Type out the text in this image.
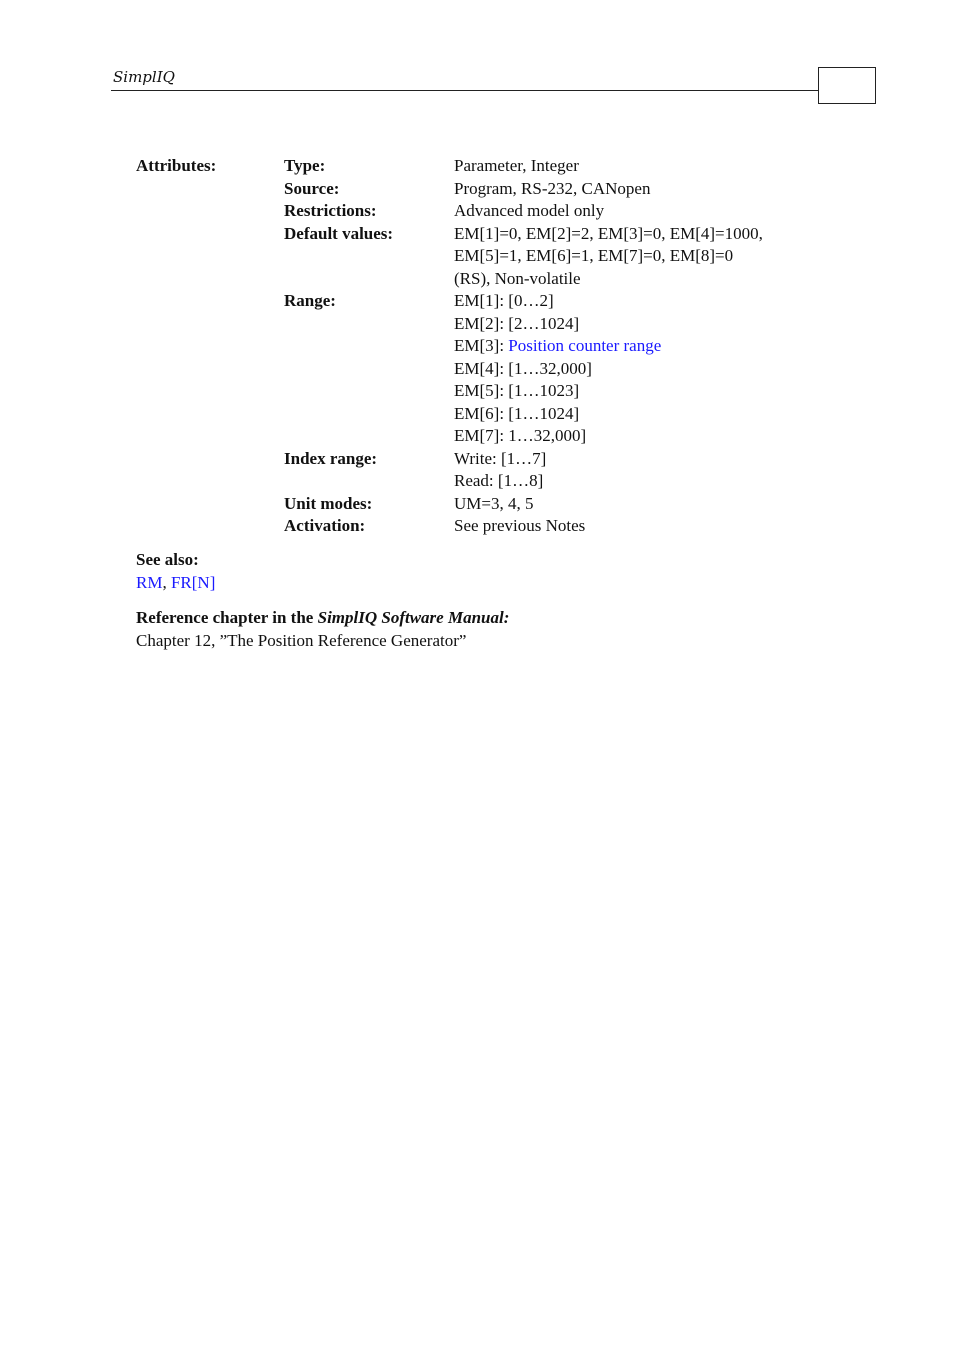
SimplIQ
Attributes:	Type:	Parameter, Integer
Source:	Program, RS-232, CANopen
Restrictions:	Advanced model only
Default values:	EM[1]=0, EM[2]=2, EM[3]=0, EM[4]=1000,
EM[5]=1, EM[6]=1, EM[7]=0, EM[8]=0
(RS), Non-volatile
Range:	EM[1]: [0…2]
EM[2]: [2…1024]
EM[3]: Position counter range
EM[4]: [1…32,000]
EM[5]: [1…1023]
EM[6]: [1…1024]
EM[7]: 1…32,000]
Index range:	Write: [1…7]
Read: [1…8]
Unit modes:	UM=3, 4, 5
Activation:	See previous Notes
See also:
RM, FR[N]
Reference chapter in the SimplIQ Software Manual:
Chapter 12, ”The Position Reference Generator”
